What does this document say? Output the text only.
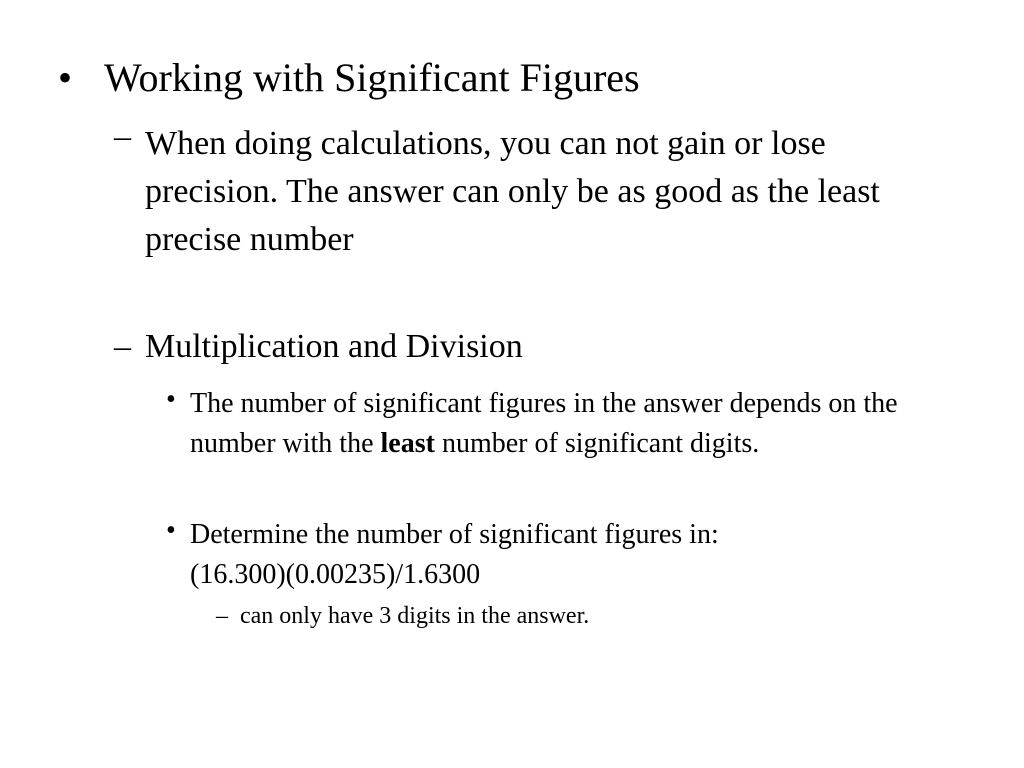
• Working with Significant Figures
– When doing calculations, you can not gain or lose precision. The answer can only be as good as the least precise number
– Multiplication and Division
• The number of significant figures in the answer depends on the number with the least number of significant digits.
• Determine the number of significant figures in:
(16.300)(0.00235)/1.6300
– can only have 3 digits in the answer.
